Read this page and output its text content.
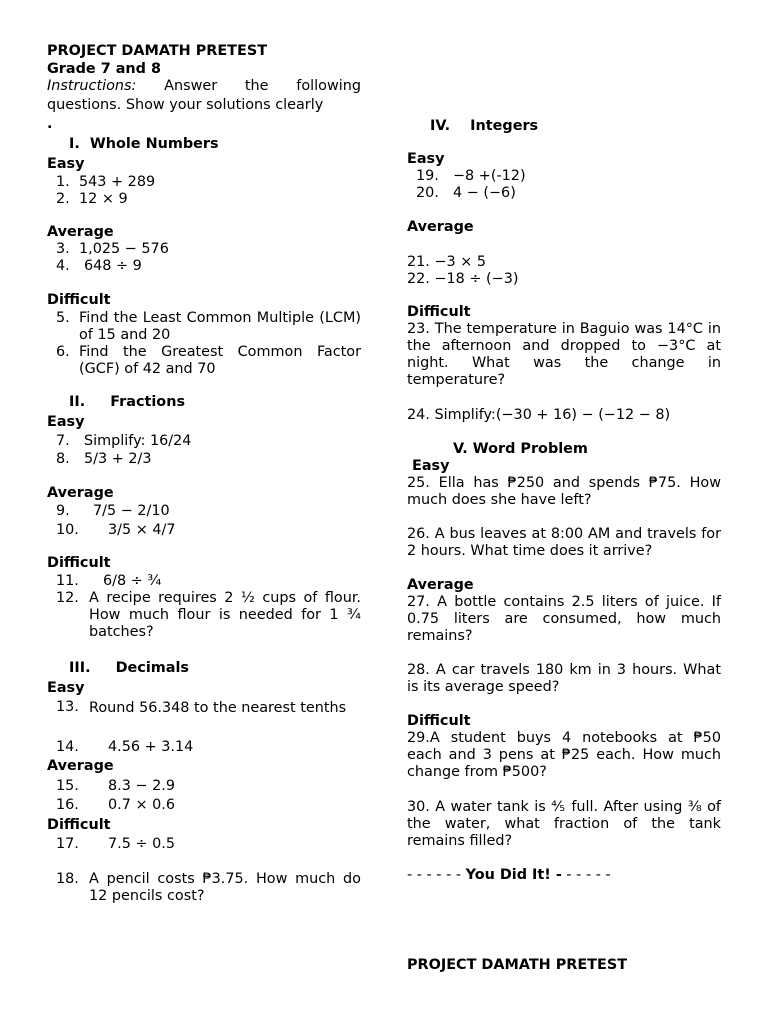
PROJECT DAMATH PRETEST
Grade 7 and 8
Instructions: Answer the following
questions. Show your solutions clearly
.
I. Whole Numbers
Easy
1. 543 + 289
2. 12 × 9
Average
3. 1,025 − 576
4. 648 ÷ 9
Difficult
5. Find the Least Common Multiple (LCM) of 15 and 20
6. Find the Greatest Common Factor (GCF) of 42 and 70
II. Fractions
Easy
7. Simplify: 16/24
8. 5/3 + 2/3
Average
9.	7/5 − 2/10
10.	3/5 × 4/7
Difficult
11.	6/8 ÷ ¾
12. A recipe requires 2 ½ cups of flour. How much flour is needed for 1 ¾ batches?
III. Decimals
Easy
13. Round 56.348 to the nearest tenths
14.	4.56 + 3.14
Average
15.	8.3 − 2.9
16.	0.7 × 0.6
Difficult
17.	7.5 ÷ 0.5
18. A pencil costs ₱3.75. How much do 12 pencils cost?
IV. Integers
Easy
19. −8 +(-12)
20. 4 − (−6)
Average
21. −3 × 5
22. −18 ÷ (−3)
Difficult
23. The temperature in Baguio was 14°C in the afternoon and dropped to −3°C at night. What was the change in temperature?
24. Simplify:(−30 + 16) − (−12 − 8)
V. Word Problem
Easy
25. Ella has ₱250 and spends ₱75. How much does she have left?
26. A bus leaves at 8:00 AM and travels for 2 hours. What time does it arrive?
Average
27. A bottle contains 2.5 liters of juice. If 0.75 liters are consumed, how much remains?
28. A car travels 180 km in 3 hours. What is its average speed?
Difficult
29.A student buys 4 notebooks at ₱50 each and 3 pens at ₱25 each. How much change from ₱500?
30. A water tank is ⅘ full. After using ⅜ of the water, what fraction of the tank remains filled?
- - - - - - You Did It! - - - - - -
PROJECT DAMATH PRETEST
